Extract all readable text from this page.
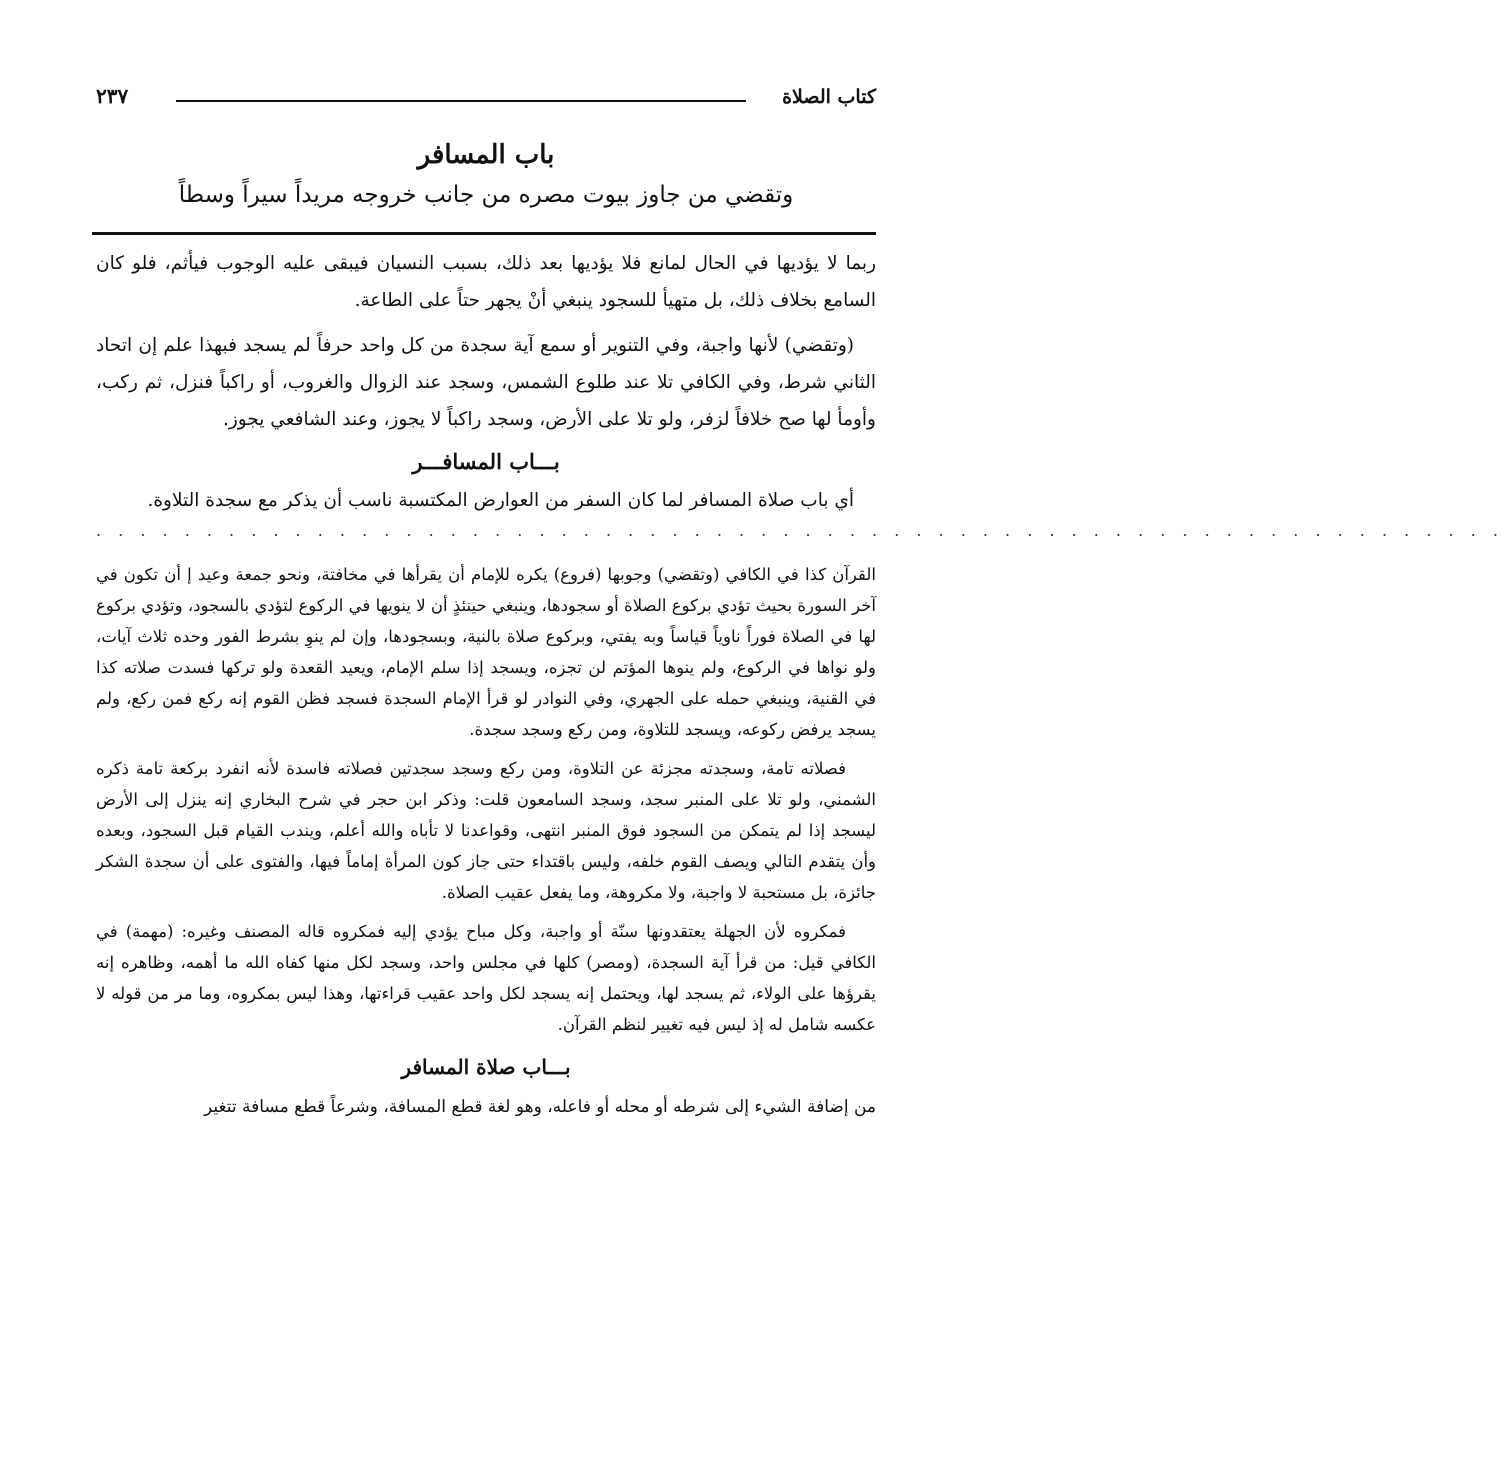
كتاب الصلاة
٢٣٧
باب المسافر
وتقضي من جاوز بيوت مصره من جانب خروجه مريداً سيراً وسطاً

ربما لا يؤديها في الحال لمانع فلا يؤديها بعد ذلك، بسبب النسيان فيبقى عليه الوجوب فيأثم، فلو كان السامع بخلاف ذلك، بل متهيأ للسجود ينبغي أنْ يجهر حتاً على الطاعة.

(وتقضي) لأنها واجبة، وفي التنوير أو سمع آية سجدة من كل واحد حرفاً لم يسجد فبهذا علم إن اتحاد الثاني شرط، وفي الكافي تلا عند طلوع الشمس، وسجد عند الزوال والغروب، أو راكباً فنزل، ثم ركب، وأومأ لها صح خلافاً لزفر، ولو تلا على الأرض، وسجد راكباً لا يجوز، وعند الشافعي يجوز.

بـــاب المسافـــر

أي باب صلاة المسافر لما كان السفر من العوارض المكتسبة ناسب أن يذكر مع سجدة التلاوة.

. . . . . . . . . . . . . . . . . . . . . . . . . . . . . . . . . . . . . . . . . . . . . . . . . . . . . . . . . . . . . . . .

القرآن كذا في الكافي (وتقضي) وجوبها (فروع) يكره للإمام أن يقرأها في مخافتة، ونحو جمعة وعيد إ أن تكون في آخر السورة بحيث تؤدي بركوع الصلاة أو سجودها، وينبغي حينئذٍ أن لا ينويها في الركوع لتؤدي بالسجود، وتؤدي بركوع لها في الصلاة فوراً ناوياً قياساً وبه يفتي، وبركوع صلاة بالنية، وبسجودها، وإن لم ينوِ بشرط الفور وحده ثلاث آيات، ولو نواها في الركوع، ولم ينوها المؤتم لن تجزه، ويسجد إذا سلم الإمام، ويعيد القعدة ولو تركها فسدت صلاته كذا في القنية، وينبغي حمله على الجهري، وفي النوادر لو قرأ الإمام السجدة فسجد فظن القوم إنه ركع فمن ركع، ولم يسجد يرفض ركوعه، ويسجد للتلاوة، ومن ركع وسجد سجدة.

فصلاته تامة، وسجدته مجزئة عن التلاوة، ومن ركع وسجد سجدتين فصلاته فاسدة لأنه انفرد بركعة تامة ذكره الشمني، ولو تلا على المنبر سجد، وسجد السامعون قلت: وذكر ابن حجر في شرح البخاري إنه ينزل إلى الأرض ليسجد إذا لم يتمكن من السجود فوق المنبر انتهى، وقواعدنا لا تأباه والله أعلم، ويندب القيام قبل السجود، وبعده وأن يتقدم التالي ويصف القوم خلفه، وليس باقتداء حتى جاز كون المرأة إماماً فيها، والفتوى على أن سجدة الشكر جائزة، بل مستحبة لا واجبة، ولا مكروهة، وما يفعل عقيب الصلاة.

فمكروه لأن الجهلة يعتقدونها سنّة أو واجبة، وكل مباح يؤدي إليه فمكروه قاله المصنف وغيره: (مهمة) في الكافي قيل: من قرأ آية السجدة، (ومصر) كلها في مجلس واحد، وسجد لكل منها كفاه الله ما أهمه، وظاهره إنه يقرؤها على الولاء، ثم يسجد لها، ويحتمل إنه يسجد لكل واحد عقيب قراءتها، وهذا ليس بمكروه، وما مر من قوله لا عكسه شامل له إذ ليس فيه تغيير لنظم القرآن.

بـــاب صلاة المسافر

من إضافة الشيء إلى شرطه أو محله أو فاعله، وهو لغة قطع المسافة، وشرعاً قطع مسافة تتغير
